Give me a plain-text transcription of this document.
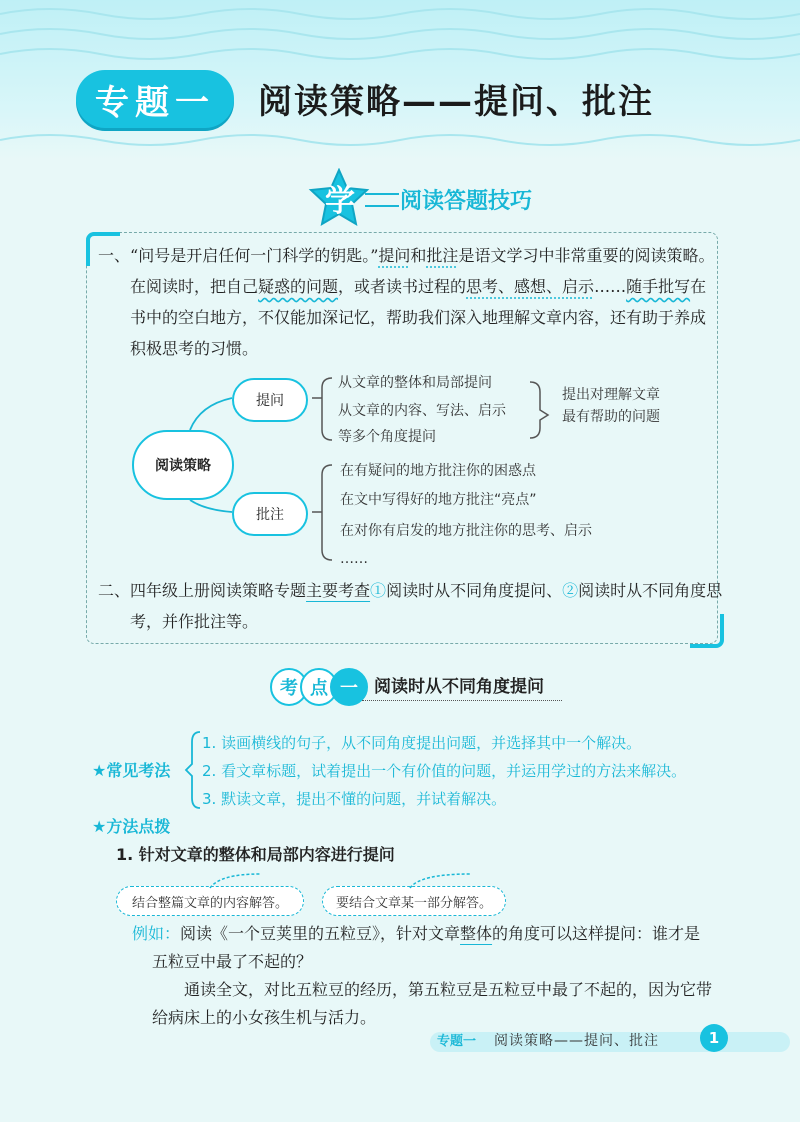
专题一	阅读策略——提问、批注
学 阅读答题技巧
一、“问号是开启任何一门科学的钥匙。”提问和批注是语文学习中非常重要的阅读策略。
在阅读时，把自己疑惑的问题，或者读书过程的思考、感想、启示……随手批写在
书中的空白地方，不仅能加深记忆，帮助我们深入地理解文章内容，还有助于养成
积极思考的习惯。
阅读策略
提问
批注
从文章的整体和局部提问
从文章的内容、写法、启示
等多个角度提问
提出对理解文章
最有帮助的问题
在有疑问的地方批注你的困惑点
在文中写得好的地方批注“亮点”
在对你有启发的地方批注你的思考、启示
……
二、四年级上册阅读策略专题主要考查①阅读时从不同角度提问、②阅读时从不同角度思
考，并作批注等。
考 点 一 阅读时从不同角度提问
★常见考法
1. 读画横线的句子，从不同角度提出问题，并选择其中一个解决。
2. 看文章标题，试着提出一个有价值的问题，并运用学过的方法来解决。
3. 默读文章，提出不懂的问题，并试着解决。
★方法点拨
1. 针对文章的整体和局部内容进行提问
结合整篇文章的内容解答。	要结合文章某一部分解答。
例如：阅读《一个豆荚里的五粒豆》，针对文章整体的角度可以这样提问：谁才是
五粒豆中最了不起的？
通读全文，对比五粒豆的经历，第五粒豆是五粒豆中最了不起的，因为它带
给病床上的小女孩生机与活力。
专题一 阅读策略——提问、批注	1
